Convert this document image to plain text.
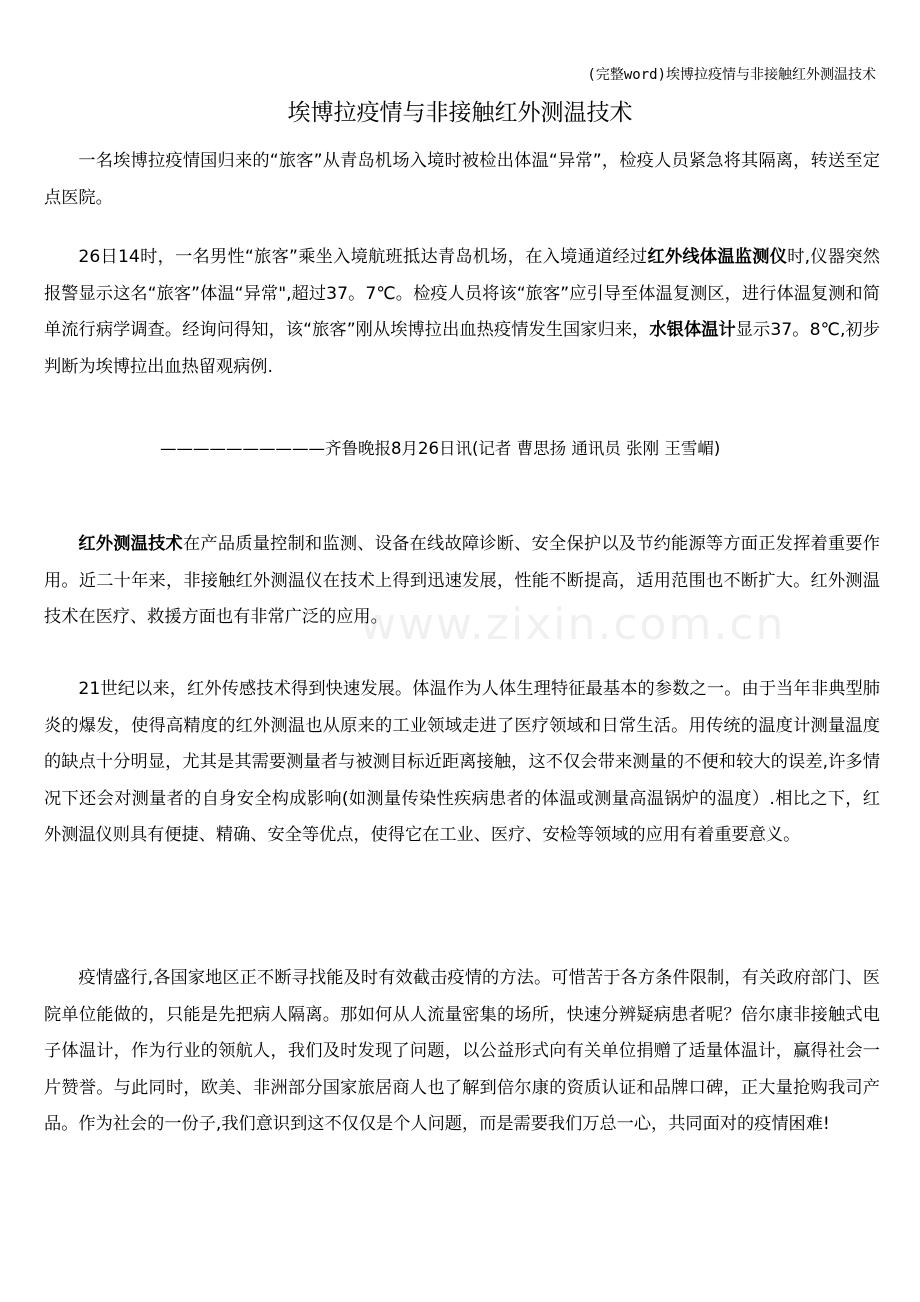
(完整word)埃博拉疫情与非接触红外测温技术
埃博拉疫情与非接触红外测温技术

一名埃博拉疫情国归来的“旅客”从青岛机场入境时被检出体温“异常”，检疫人员紧急将其隔离，转送至定点医院。

26日14时，一名男性“旅客”乘坐入境航班抵达青岛机场，在入境通道经过红外线体温监测仪时,仪器突然报警显示这名“旅客”体温“异常",超过37。7℃。检疫人员将该“旅客”应引导至体温复测区，进行体温复测和简单流行病学调查。经询问得知，该“旅客”刚从埃博拉出血热疫情发生国家归来，水银体温计显示37。8℃,初步判断为埃博拉出血热留观病例.

——————————齐鲁晚报8月26日讯(记者 曹思扬 通讯员 张刚 王雪嵋)
www.zixin.com.cn

红外测温技术在产品质量控制和监测、设备在线故障诊断、安全保护以及节约能源等方面正发挥着重要作用。近二十年来，非接触红外测温仪在技术上得到迅速发展，性能不断提高，适用范围也不断扩大。红外测温技术在医疗、救援方面也有非常广泛的应用。

21世纪以来，红外传感技术得到快速发展。体温作为人体生理特征最基本的参数之一。由于当年非典型肺炎的爆发，使得高精度的红外测温也从原来的工业领域走进了医疗领域和日常生活。用传统的温度计测量温度的缺点十分明显，尤其是其需要测量者与被测目标近距离接触，这不仅会带来测量的不便和较大的误差,许多情况下还会对测量者的自身安全构成影响(如测量传染性疾病患者的体温或测量高温锅炉的温度）.相比之下，红外测温仪则具有便捷、精确、安全等优点，使得它在工业、医疗、安检等领域的应用有着重要意义。

疫情盛行,各国家地区正不断寻找能及时有效截击疫情的方法。可惜苦于各方条件限制，有关政府部门、医院单位能做的，只能是先把病人隔离。那如何从人流量密集的场所，快速分辨疑病患者呢？倍尔康非接触式电子体温计，作为行业的领航人，我们及时发现了问题，以公益形式向有关单位捐赠了适量体温计，赢得社会一片赞誉。与此同时，欧美、非洲部分国家旅居商人也了解到倍尔康的资质认证和品牌口碑，正大量抢购我司产品。作为社会的一份子,我们意识到这不仅仅是个人问题，而是需要我们万总一心，共同面对的疫情困难!
